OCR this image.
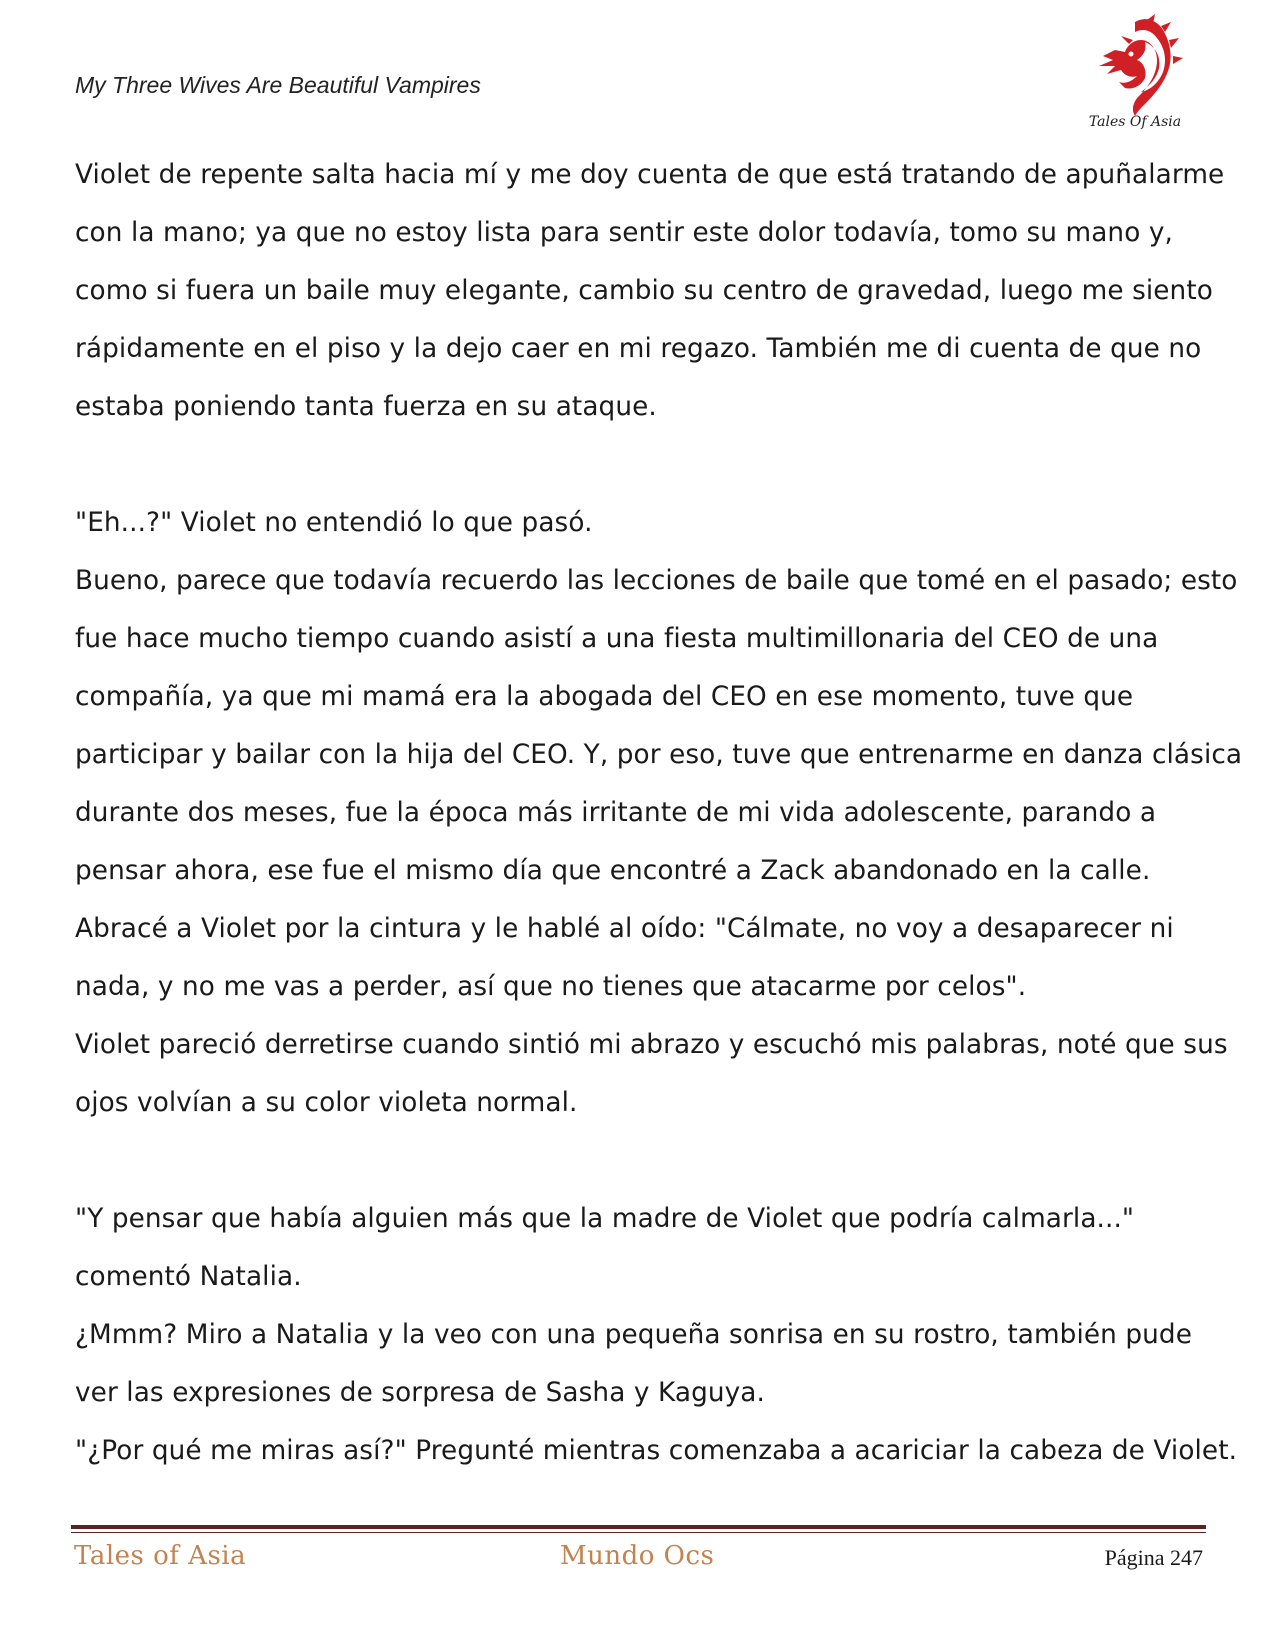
My Three Wives Are Beautiful Vampires
Tales Of Asia
Violet de repente salta hacia mí y me doy cuenta de que está tratando de apuñalarme
con la mano; ya que no estoy lista para sentir este dolor todavía, tomo su mano y,
como si fuera un baile muy elegante, cambio su centro de gravedad, luego me siento
rápidamente en el piso y la dejo caer en mi regazo. También me di cuenta de que no
estaba poniendo tanta fuerza en su ataque.
"Eh...?" Violet no entendió lo que pasó.
Bueno, parece que todavía recuerdo las lecciones de baile que tomé en el pasado; esto
fue hace mucho tiempo cuando asistí a una fiesta multimillonaria del CEO de una
compañía, ya que mi mamá era la abogada del CEO en ese momento, tuve que
participar y bailar con la hija del CEO. Y, por eso, tuve que entrenarme en danza clásica
durante dos meses, fue la época más irritante de mi vida adolescente, parando a
pensar ahora, ese fue el mismo día que encontré a Zack abandonado en la calle.
Abracé a Violet por la cintura y le hablé al oído: "Cálmate, no voy a desaparecer ni
nada, y no me vas a perder, así que no tienes que atacarme por celos".
Violet pareció derretirse cuando sintió mi abrazo y escuchó mis palabras, noté que sus
ojos volvían a su color violeta normal.
"Y pensar que había alguien más que la madre de Violet que podría calmarla..."
comentó Natalia.
¿Mmm? Miro a Natalia y la veo con una pequeña sonrisa en su rostro, también pude
ver las expresiones de sorpresa de Sasha y Kaguya.
"¿Por qué me miras así?" Pregunté mientras comenzaba a acariciar la cabeza de Violet.
Tales of Asia	Mundo Ocs	Página 247
